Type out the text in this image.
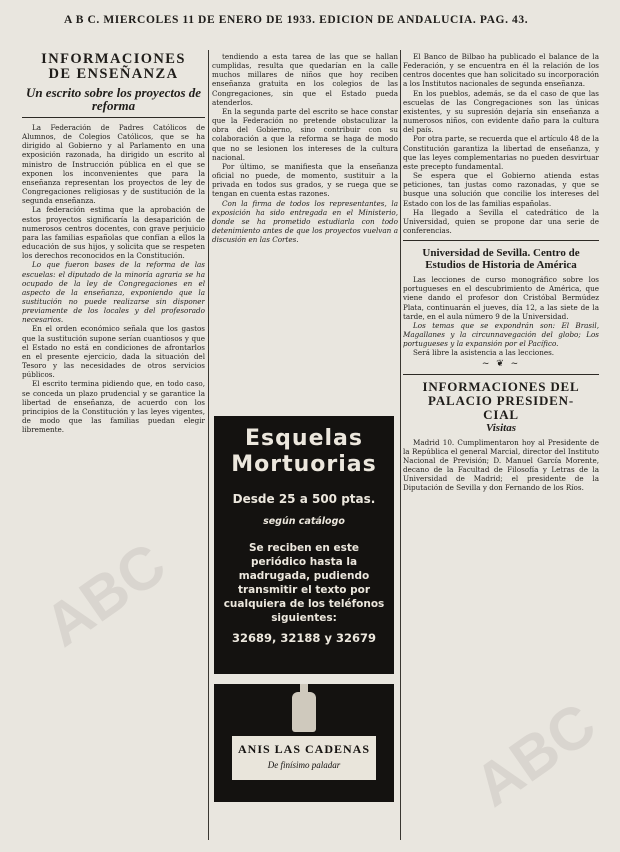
A B C. MIERCOLES 11 DE ENERO DE 1933. EDICION DE ANDALUCIA. PAG. 43.
INFORMACIONES
DE ENSEÑANZA
Un escrito sobre los proyectos de reforma

La Federación de Padres Católicos de Alumnos, de Colegios Católicos, que se ha dirigido al Gobierno y al Parlamento en una exposición razonada, ha dirigido un escrito al ministro de Instrucción pública en el que se exponen los inconvenientes que para la enseñanza representan los proyectos de ley de Congregaciones religiosas y de sustitución de la segunda enseñanza.

La federación estima que la aprobación de estos proyectos significaría la desaparición de numerosos centros docentes, con grave perjuicio para las familias españolas que confían a ellos la educación de sus hijos, y solicita que se respeten los derechos reconocidos en la Constitución.

Lo que fueron bases de la reforma de las escuelas: el diputado de la minoría agraria se ha ocupado de la ley de Congregaciones en el aspecto de la enseñanza, exponiendo que la sustitución no puede realizarse sin disponer previamente de los locales y del profesorado necesarios.

En el orden económico señala que los gastos que la sustitución supone serían cuantiosos y que el Estado no está en condiciones de afrontarlos en el presente ejercicio, dada la situación del Tesoro y las necesidades de otros servicios públicos.

El escrito termina pidiendo que, en todo caso, se conceda un plazo prudencial y se garantice la libertad de enseñanza, de acuerdo con los principios de la Constitución y las leyes vigentes, de modo que las familias puedan elegir libremente.

tendiendo a esta tarea de las que se hallan cumplidas, resulta que quedarían en la calle muchos millares de niños que hoy reciben enseñanza gratuita en los colegios de las Congregaciones, sin que el Estado pueda atenderlos.

En la segunda parte del escrito se hace constar que la Federación no pretende obstaculizar la obra del Gobierno, sino contribuir con su colaboración a que la reforma se haga de modo que no se lesionen los intereses de la cultura nacional.

Por último, se manifiesta que la enseñanza oficial no puede, de momento, sustituir a la privada en todos sus grados, y se ruega que se tengan en cuenta estas razones.

Con la firma de todos los representantes, la exposición ha sido entregada en el Ministerio, donde se ha prometido estudiarla con todo detenimiento antes de que los proyectos vuelvan a discusión en las Cortes.

Esquelas
Mortuorias
Desde 25 a 500 ptas.
según catálogo
Se reciben en este periódico hasta la madrugada, pudiendo transmitir el texto por cualquiera de los teléfonos siguientes:
32689, 32188 y 32679
ANIS LAS CADENAS
De finísimo paladar

El Banco de Bilbao ha publicado el balance de la Federación, y se encuentra en él la relación de los centros docentes que han solicitado su incorporación a los Institutos nacionales de segunda enseñanza.

En los pueblos, además, se da el caso de que las escuelas de las Congregaciones son las únicas existentes, y su supresión dejaría sin enseñanza a numerosos niños, con evidente daño para la cultura del país.

Por otra parte, se recuerda que el artículo 48 de la Constitución garantiza la libertad de enseñanza, y que las leyes complementarias no pueden desvirtuar este precepto fundamental.

Se espera que el Gobierno atienda estas peticiones, tan justas como razonadas, y que se busque una solución que concilie los intereses del Estado con los de las familias españolas.

Ha llegado a Sevilla el catedrático de la Universidad, quien se propone dar una serie de conferencias.

Universidad de Sevilla. Centro de Estudios de Historia de América

Las lecciones de curso monográfico sobre los portugueses en el descubrimiento de América, que viene dando el profesor don Cristóbal Bermúdez Plata, continuarán el jueves, día 12, a las siete de la tarde, en el aula número 9 de la Universidad.

Los temas que se expondrán son: El Brasil, Magallanes y la circunnavegación del globo; Los portugueses y la expansión por el Pacífico.

Será libre la asistencia a las lecciones.

~ ❦ ~
INFORMACIONES DEL
PALACIO PRESIDEN-
CIAL
Visitas

Madrid 10. Cumplimentaron hoy al Presidente de la República el general Marcial, director del Instituto Nacional de Previsión; D. Manuel García Morente, decano de la Facultad de Filosofía y Letras de la Universidad de Madrid; el presidente de la Diputación de Sevilla y don Fernando de los Ríos.

ABC
ABC
